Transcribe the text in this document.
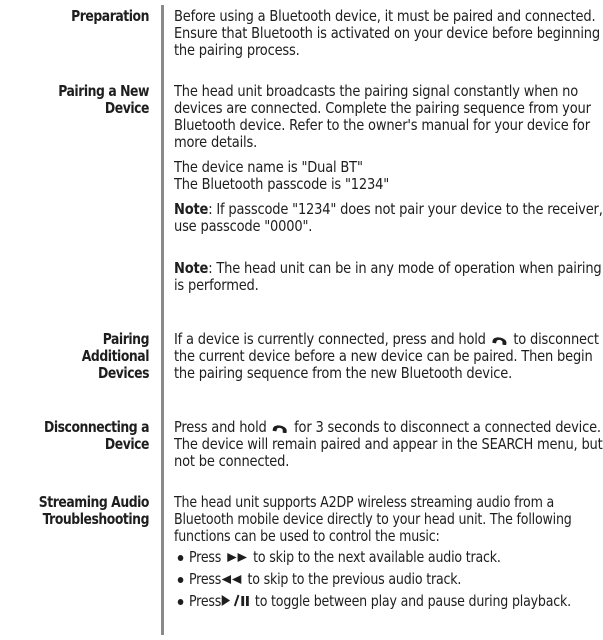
Preparation Before using a Bluetooth device, it must be paired and connected. Ensure that Bluetooth is activated on your device before beginning the pairing process.

Pairing a New Device

The head unit broadcasts the pairing signal constantly when no devices are connected. Complete the pairing sequence from your Bluetooth device. Refer to the owner's manual for your device for more details.

The device name is "Dual BT"

The Bluetooth passcode is "1234"

Note: If passcode "1234" does not pair your device to the receiver, use passcode "0000".

Note: The head unit can be in any mode of operation when pairing is performed.

Pairing Additional Devices

If a device is currently connected, press and hold to disconnect the current device before a new device can be paired. Then begin the pairing sequence from the new Bluetooth device.

Disconnecting a Device

Press and hold for 3 seconds to disconnect a connected device. The device will remain paired and appear in the SEARCH menu, but not be connected.

Streaming Audio
Troubleshooting

The head unit supports A2DP wireless streaming audio from a Bluetooth mobile device directly to your head unit. The following functions can be used to control the music:

Press to skip to the next available audio track.
Press to skip to the previous audio track.
Press to toggle between play and pause during playback.
